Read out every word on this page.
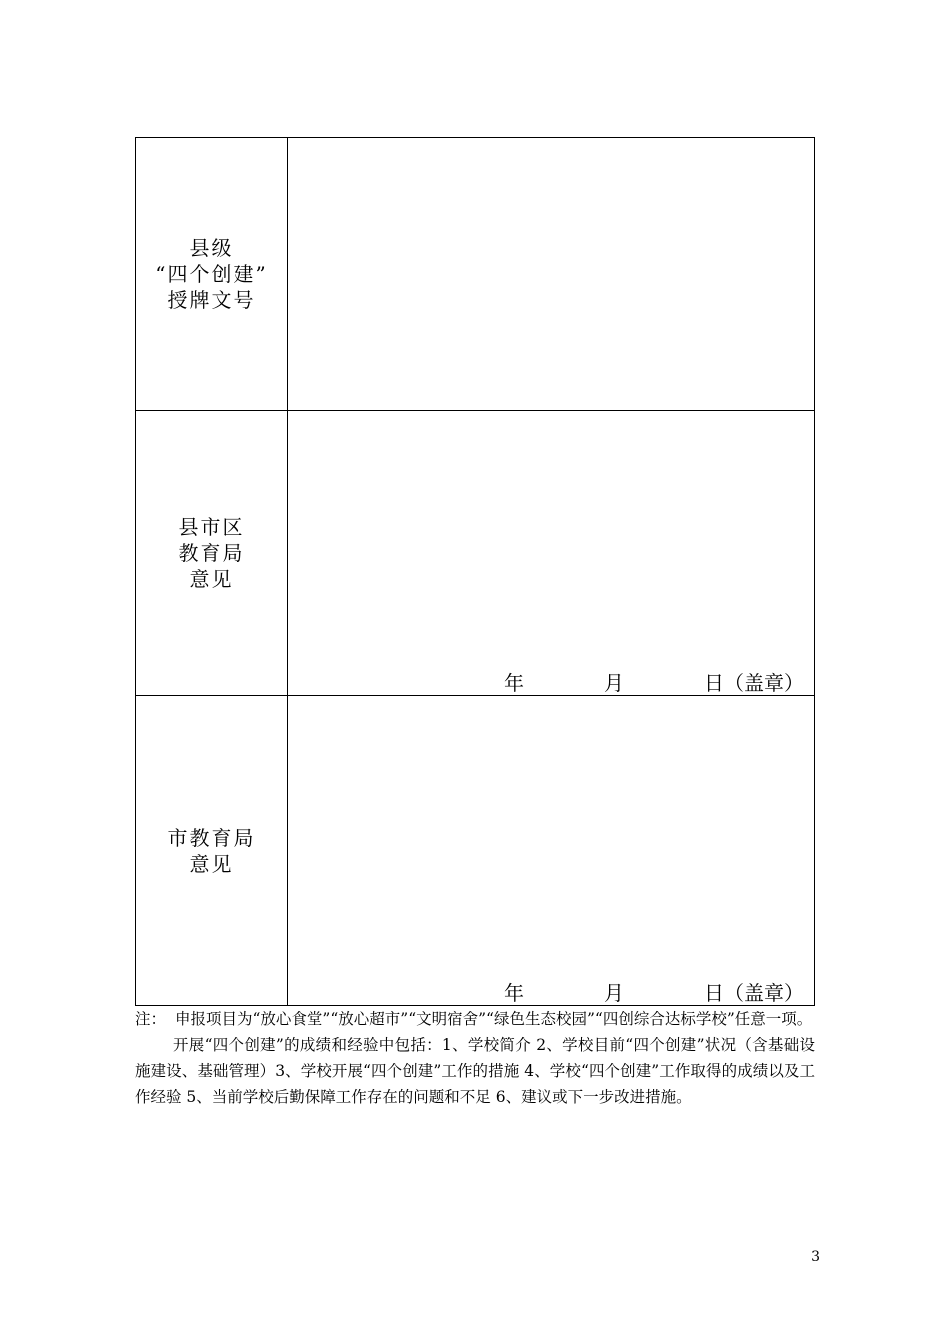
县级
“四个创建”
授牌文号	

县市区
教育局
意见	年 月 日（盖章）

市教育局
意见	年 月 日（盖章）

注： 申报项目为“放心食堂”“放心超市”“文明宿舍”“绿色生态校园”“四创综合达标学校”任意一项。

开展“四个创建”的成绩和经验中包括：1、学校简介 2、学校目前“四个创建”状况（含基础设施建设、基础管理）3、学校开展“四个创建”工作的措施 4、学校“四个创建”工作取得的成绩以及工作经验 5、当前学校后勤保障工作存在的问题和不足 6、建议或下一步改进措施。

3
